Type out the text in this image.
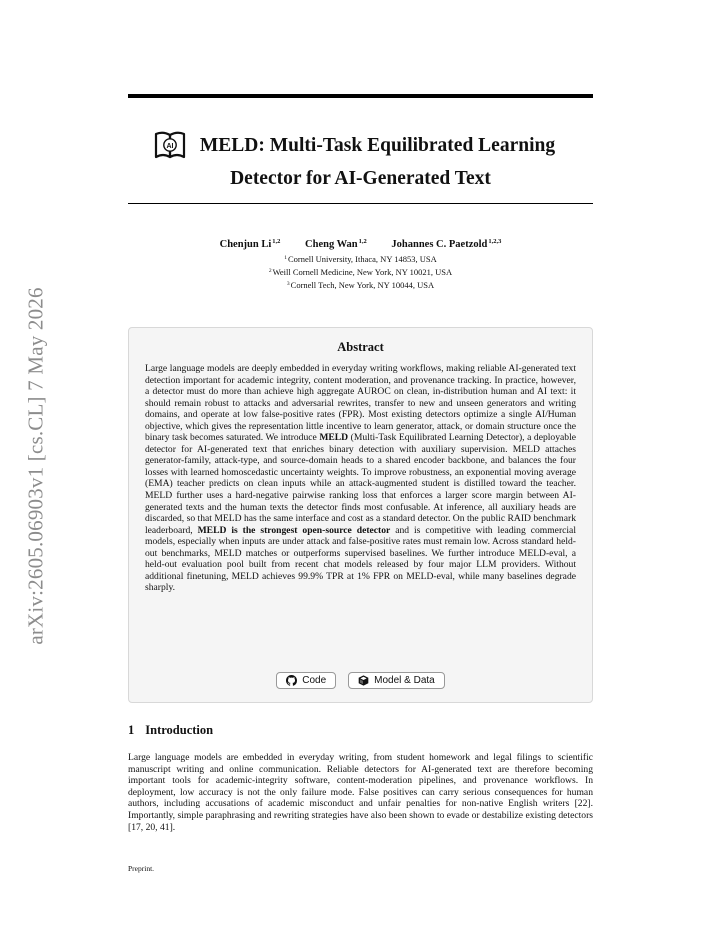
arXiv:2605.06903v1 [cs.CL] 7 May 2026
AI	MELD: Multi-Task Equilibrated Learning
Detector for AI-Generated Text
Chenjun Li$^{1,2}$ Cheng Wan$^{1,2}$ Johannes C. Paetzold$^{1,2,3}$
$^1$Cornell University, Ithaca, NY 14853, USA
$^2$Weill Cornell Medicine, New York, NY 10021, USA
$^3$Cornell Tech, New York, NY 10044, USA
Abstract
Large language models are deeply embedded in everyday writing workflows, making reliable AI-generated text detection important for academic integrity, content moderation, and provenance tracking. In practice, however, a detector must do more than achieve high aggregate AUROC on clean, in-distribution human and AI text: it should remain robust to attacks and adversarial rewrites, transfer to new and unseen generators and writing domains, and operate at low false-positive rates (FPR). Most existing detectors optimize a single AI/Human objective, which gives the representation little incentive to learn generator, attack, or domain structure once the binary task becomes saturated. We introduce MELD (Multi-Task Equilibrated Learning Detector), a deployable detector for AI-generated text that enriches binary detection with auxiliary supervision. MELD attaches generator-family, attack-type, and source-domain heads to a shared encoder backbone, and balances the four losses with learned homoscedastic uncertainty weights. To improve robustness, an exponential moving average (EMA) teacher predicts on clean inputs while an attack-augmented student is distilled toward the teacher. MELD further uses a hard-negative pairwise ranking loss that enforces a larger score margin between AI-generated texts and the human texts the detector finds most confusable. At inference, all auxiliary heads are discarded, so that MELD has the same interface and cost as a standard detector. On the public RAID benchmark leaderboard, MELD is the strongest open-source detector and is competitive with leading commercial models, especially when inputs are under attack and false-positive rates must remain low. Across standard held-out benchmarks, MELD matches or outperforms supervised baselines. We further introduce MELD-eval, a held-out evaluation pool built from recent chat models released by four major LLM providers. Without additional finetuning, MELD achieves 99.9% TPR at 1% FPR on MELD-eval, while many baselines degrade sharply.
Code
	Model & Data
1 Introduction
Large language models are embedded in everyday writing, from student homework and legal filings to scientific manuscript writing and online communication. Reliable detectors for AI-generated text are therefore becoming important tools for academic-integrity software, content-moderation pipelines, and provenance workflows. In deployment, low accuracy is not the only failure mode. False positives can carry serious consequences for human authors, including accusations of academic misconduct and unfair penalties for non-native English writers [22]. Importantly, simple paraphrasing and rewriting strategies have also been shown to evade or destabilize existing detectors [17, 20, 41].
Preprint.
